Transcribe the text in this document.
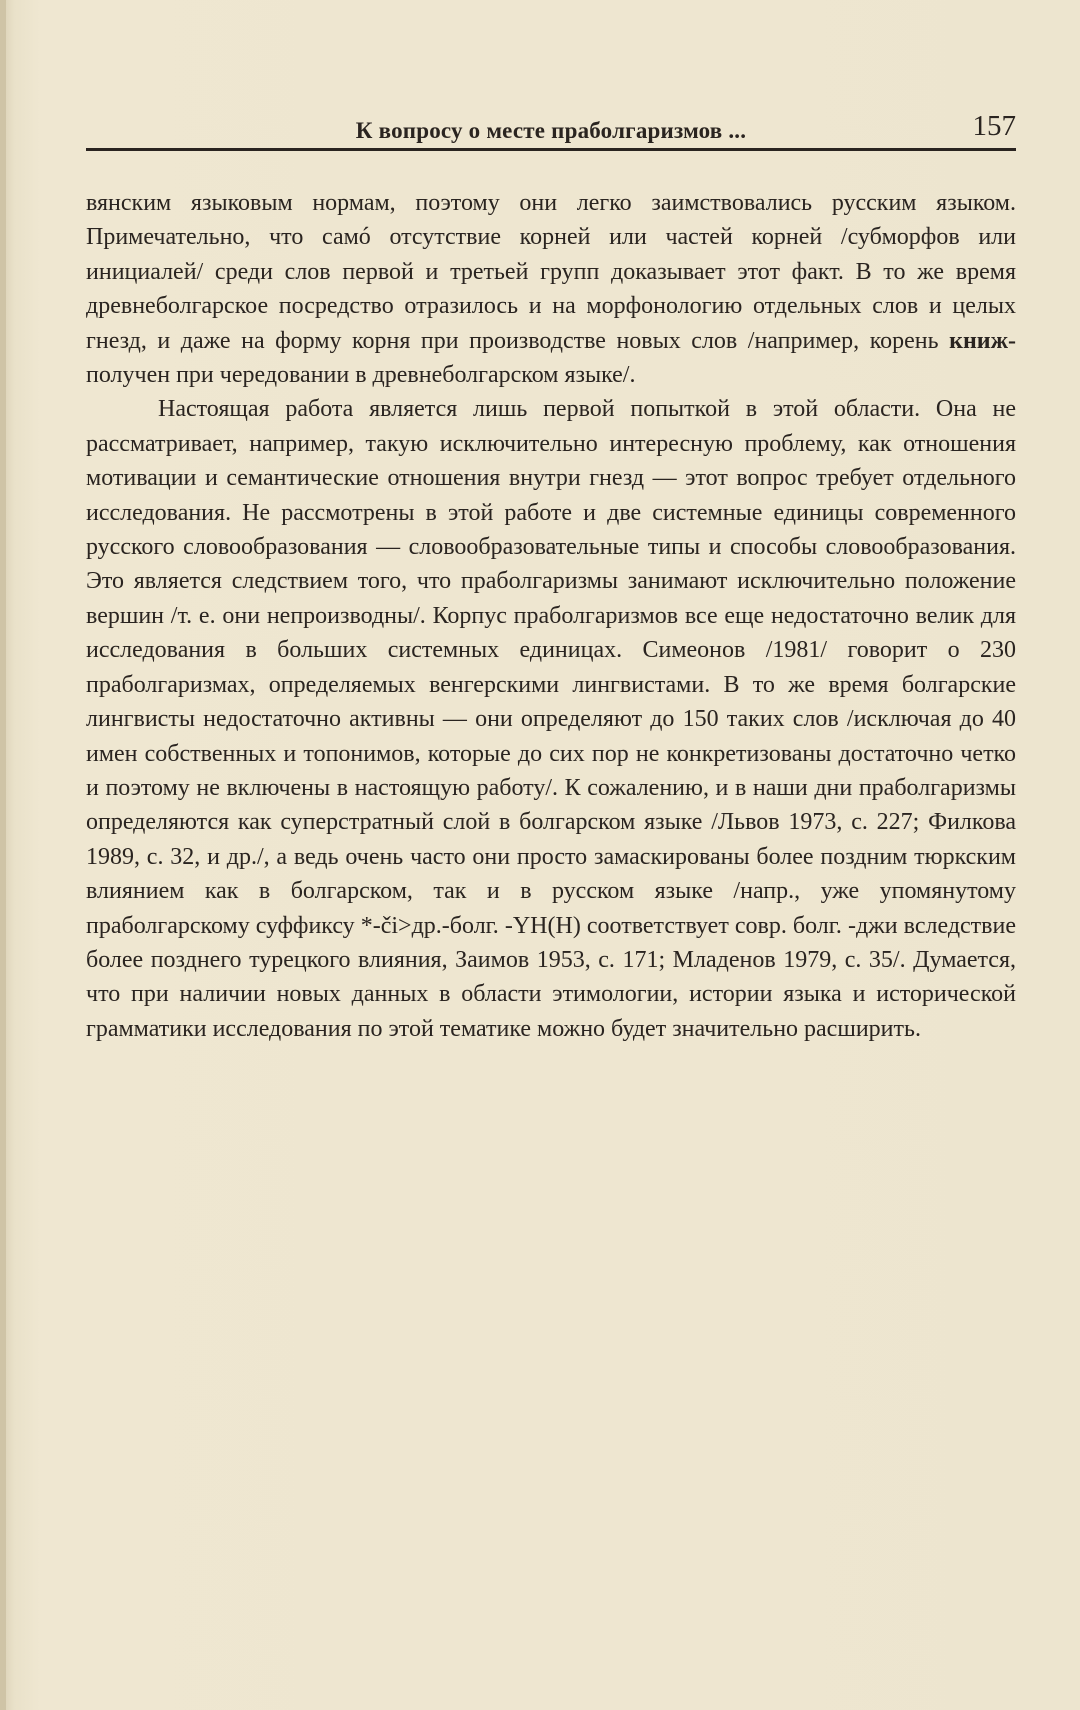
К вопросу о месте праболгаризмов ...	157

вянским языковым нормам, поэтому они легко заимствовались русским языком. Примечательно, что самó отсутствие корней или частей корней /субморфов или инициалей/ среди слов первой и третьей групп доказывает этот факт. В то же время древнеболгарское посредство отразилось и на морфонологию отдельных слов и целых гнезд, и даже на форму корня при производстве новых слов /например, корень книж- получен при чередовании в древнеболгарском языке/.

Настоящая работа является лишь первой попыткой в этой области. Она не рассматривает, например, такую исключительно интересную проблему, как отношения мотивации и семантические отношения внутри гнезд — этот вопрос требует отдельного исследования. Не рассмотрены в этой работе и две системные единицы современного русского словообразования — словообразовательные типы и способы словообразования. Это является следствием того, что праболгаризмы занимают исключительно положение вершин /т. е. они непроизводны/. Корпус праболгаризмов все еще недостаточно велик для исследования в больших системных единицах. Симеонов /1981/ говорит о 230 праболгаризмах, определяемых венгерскими лингвистами. В то же время болгарские лингвисты недостаточно активны — они определяют до 150 таких слов /исключая до 40 имен собственных и топонимов, которые до сих пор не конкретизованы достаточно четко и поэтому не включены в настоящую работу/. К сожалению, и в наши дни праболгаризмы определяются как суперстратный слой в болгарском языке /Львов 1973, с. 227; Филкова 1989, с. 32, и др./, а ведь очень часто они просто замаскированы более поздним тюркским влиянием как в болгарском, так и в русском языке /напр., уже упомянутому праболгарскому суффиксу *-či>др.-болг. -ҮН(Н) соответствует совр. болг. -джи вследствие более позднего турецкого влияния, Заимов 1953, с. 171; Младенов 1979, с. 35/. Думается, что при наличии новых данных в области этимологии, истории языка и исторической грамматики исследования по этой тематике можно будет значительно расширить.
